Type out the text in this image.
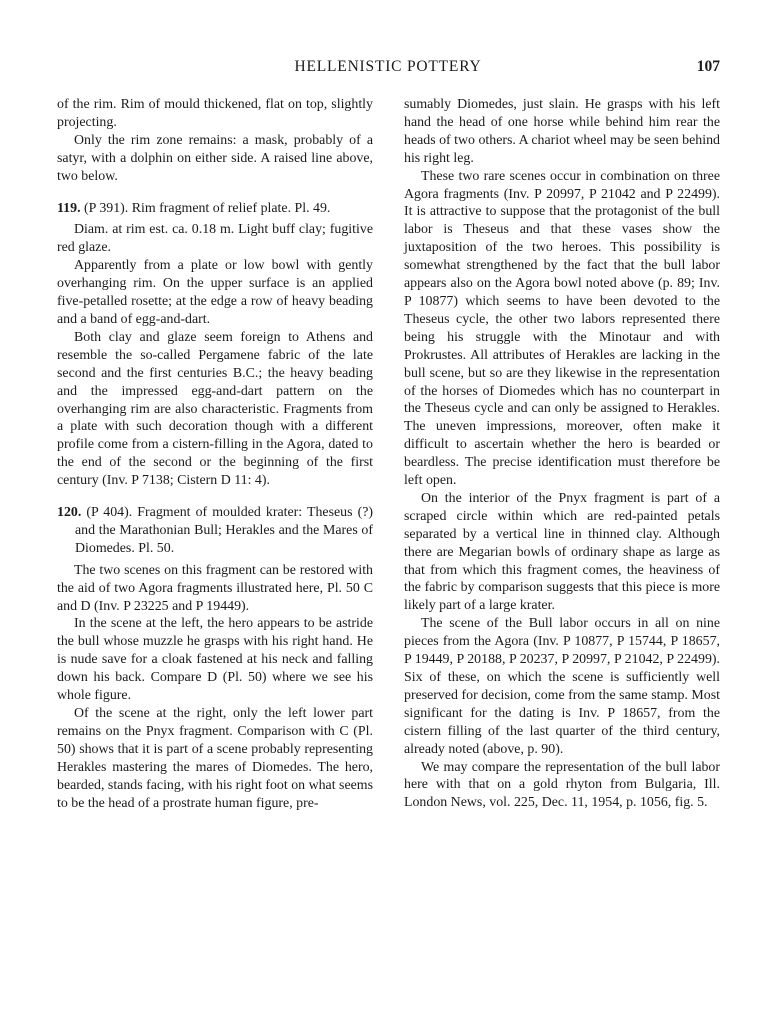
HELLENISTIC POTTERY	107

of the rim. Rim of mould thickened, flat on top, slightly projecting.

Only the rim zone remains: a mask, probably of a satyr, with a dolphin on either side. A raised line above, two below.

119. (P 391). Rim fragment of relief plate. Pl. 49.

Diam. at rim est. ca. 0.18 m. Light buff clay; fugitive red glaze.

Apparently from a plate or low bowl with gently overhanging rim. On the upper surface is an applied five-petalled rosette; at the edge a row of heavy beading and a band of egg-and-dart.

Both clay and glaze seem foreign to Athens and resemble the so-called Pergamene fabric of the late second and the first centuries B.C.; the heavy beading and the impressed egg-and-dart pattern on the overhanging rim are also characteristic. Fragments from a plate with such decoration though with a different profile come from a cistern-filling in the Agora, dated to the end of the second or the beginning of the first century (Inv. P 7138; Cistern D 11: 4).

120. (P 404). Fragment of moulded krater: Theseus (?) and the Marathonian Bull; Herakles and the Mares of Diomedes. Pl. 50.

The two scenes on this fragment can be restored with the aid of two Agora fragments illustrated here, Pl. 50 C and D (Inv. P 23225 and P 19449).

In the scene at the left, the hero appears to be astride the bull whose muzzle he grasps with his right hand. He is nude save for a cloak fastened at his neck and falling down his back. Compare D (Pl. 50) where we see his whole figure.

Of the scene at the right, only the left lower part remains on the Pnyx fragment. Comparison with C (Pl. 50) shows that it is part of a scene probably representing Herakles mastering the mares of Diomedes. The hero, bearded, stands facing, with his right foot on what seems to be the head of a prostrate human figure, pre-

sumably Diomedes, just slain. He grasps with his left hand the head of one horse while behind him rear the heads of two others. A chariot wheel may be seen behind his right leg.

These two rare scenes occur in combination on three Agora fragments (Inv. P 20997, P 21042 and P 22499). It is attractive to suppose that the protagonist of the bull labor is Theseus and that these vases show the juxtaposition of the two heroes. This possibility is somewhat strengthened by the fact that the bull labor appears also on the Agora bowl noted above (p. 89; Inv. P 10877) which seems to have been devoted to the Theseus cycle, the other two labors represented there being his struggle with the Minotaur and with Prokrustes. All attributes of Herakles are lacking in the bull scene, but so are they likewise in the representation of the horses of Diomedes which has no counterpart in the Theseus cycle and can only be assigned to Herakles. The uneven impressions, moreover, often make it difficult to ascertain whether the hero is bearded or beardless. The precise identification must therefore be left open.

On the interior of the Pnyx fragment is part of a scraped circle within which are red-painted petals separated by a vertical line in thinned clay. Although there are Megarian bowls of ordinary shape as large as that from which this fragment comes, the heaviness of the fabric by comparison suggests that this piece is more likely part of a large krater.

The scene of the Bull labor occurs in all on nine pieces from the Agora (Inv. P 10877, P 15744, P 18657, P 19449, P 20188, P 20237, P 20997, P 21042, P 22499). Six of these, on which the scene is sufficiently well preserved for decision, come from the same stamp. Most significant for the dating is Inv. P 18657, from the cistern filling of the last quarter of the third century, already noted (above, p. 90).

We may compare the representation of the bull labor here with that on a gold rhyton from Bulgaria, Ill. London News, vol. 225, Dec. 11, 1954, p. 1056, fig. 5.
